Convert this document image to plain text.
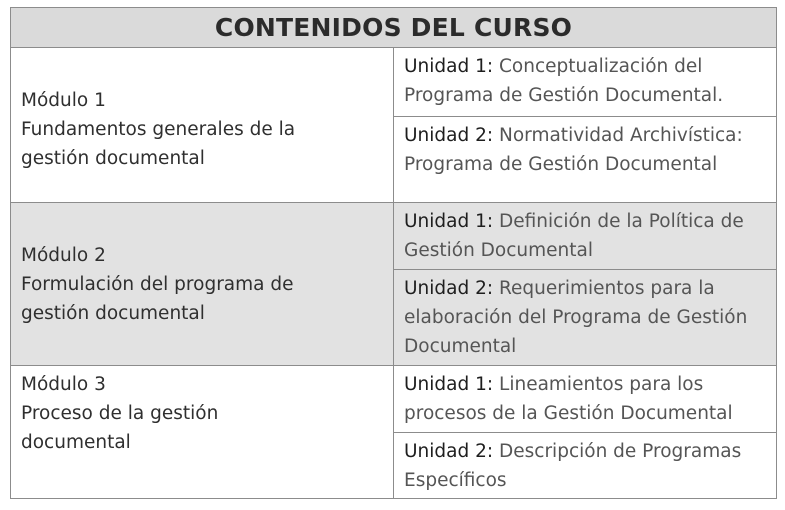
CONTENIDOS DEL CURSO	

Módulo 1
Fundamentos generales de la
gestión documental	Unidad 1: Conceptualización del Programa de Gestión Documental.
	Unidad 2: Normatividad Archivística: Programa de Gestión Documental

Módulo 2
Formulación del programa de
gestión documental	Unidad 1: Definición de la Política de Gestión Documental
	Unidad 2: Requerimientos para la elaboración del Programa de Gestión Documental

Módulo 3
Proceso de la gestión
documental	Unidad 1: Lineamientos para los procesos de la Gestión Documental
	Unidad 2: Descripción de Programas Específicos
